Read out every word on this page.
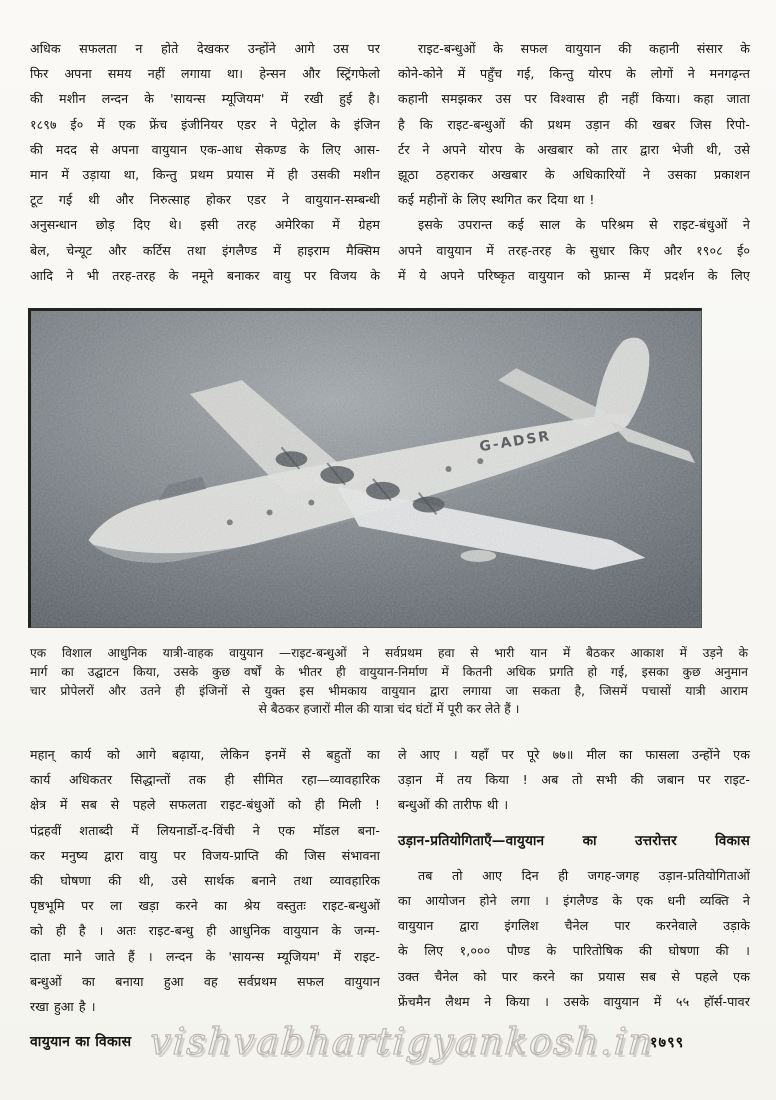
अधिक सफलता न होते देखकर उन्होंने आगे उस पर
फिर अपना समय नहीं लगाया था। हेन्सन और स्ट्रिंगफेलो
की मशीन लन्दन के 'सायन्स म्यूजियम' में रखी हुई है।
१८९७ ई० में एक फ्रेंच इंजीनियर एडर ने पेट्रोल के इंजिन
की मदद से अपना वायुयान एक-आध सेकण्ड के लिए आस-
मान में उड़ाया था, किन्तु प्रथम प्रयास में ही उसकी मशीन
टूट गई थी और निरुत्साह होकर एडर ने वायुयान-सम्बन्धी
अनुसन्धान छोड़ दिए थे। इसी तरह अमेरिका में ग्रेहम
बेल, चेन्यूट और कर्टिस तथा इंगलैण्ड में हाइराम मैक्सिम
आदि ने भी तरह-तरह के नमूने बनाकर वायु पर विजय के
राइट-बन्धुओं के सफल वायुयान की कहानी संसार के
कोने-कोने में पहुँच गई, किन्तु योरप के लोगों ने मनगढ़न्त
कहानी समझकर उस पर विश्वास ही नहीं किया। कहा जाता
है कि राइट-बन्धुओं की प्रथम उड़ान की खबर जिस रिपो-
र्टर ने अपने योरप के अखबार को तार द्वारा भेजी थी, उसे
झूठा ठहराकर अखबार के अधिकारियों ने उसका प्रकाशन
कई महीनों के लिए स्थगित कर दिया था !
इसके उपरान्त कई साल के परिश्रम से राइट-बंधुओं ने
अपने वायुयान में तरह-तरह के सुधार किए और १९०८ ई०
में ये अपने परिष्कृत वायुयान को फ्रान्स में प्रदर्शन के लिए
G-ADSR
एक विशाल आधुनिक यात्री-वाहक वायुयान —राइट-बन्धुओं ने सर्वप्रथम हवा से भारी यान में बैठकर आकाश में उड़ने के
मार्ग का उद्घाटन किया, उसके कुछ वर्षों के भीतर ही वायुयान-निर्माण में कितनी अधिक प्रगति हो गई, इसका कुछ अनुमान
चार प्रोपेलरों और उतने ही इंजिनों से युक्त इस भीमकाय वायुयान द्वारा लगाया जा सकता है, जिसमें पचासों यात्री आराम
से बैठकर हजारों मील की यात्रा चंद घंटों में पूरी कर लेते हैं ।
महान् कार्य को आगे बढ़ाया, लेकिन इनमें से बहुतों का
कार्य अधिकतर सिद्धान्तों तक ही सीमित रहा—व्यावहारिक
क्षेत्र में सब से पहले सफलता राइट-बंधुओं को ही मिली !
पंद्रहवीं शताब्दी में लियनार्डो-द-विंची ने एक मॉडल बना-
कर मनुष्य द्वारा वायु पर विजय-प्राप्ति की जिस संभावना
की घोषणा की थी, उसे सार्थक बनाने तथा व्यावहारिक
पृष्ठभूमि पर ला खड़ा करने का श्रेय वस्तुतः राइट-बन्धुओं
को ही है । अतः राइट-बन्धु ही आधुनिक वायुयान के जन्म-
दाता माने जाते हैं । लन्दन के 'सायन्स म्यूजियम' में राइट-
बन्धुओं का बनाया हुआ वह सर्वप्रथम सफल वायुयान
रखा हुआ है ।
ले आए । यहाँ पर पूरे ७७॥ मील का फासला उन्होंने एक
उड़ान में तय किया ! अब तो सभी की जबान पर राइट-
बन्धुओं की तारीफ थी ।
उड़ान-प्रतियोगिताएँ—वायुयान का उत्तरोत्तर विकास
तब तो आए दिन ही जगह-जगह उड़ान-प्रतियोगिताओं
का आयोजन होने लगा । इंगलैण्ड के एक धनी व्यक्ति ने
वायुयान द्वारा इंगलिश चैनेल पार करनेवाले उड़ाके
के लिए १,००० पौण्ड के पारितोषिक की घोषणा की ।
उक्त चैनेल को पार करने का प्रयास सब से पहले एक
फ्रेंचमैन लैथम ने किया । उसके वायुयान में ५५ हॉर्स-पावर
वायुयान का विकास vishvabhartigyankosh.in
१७९९
